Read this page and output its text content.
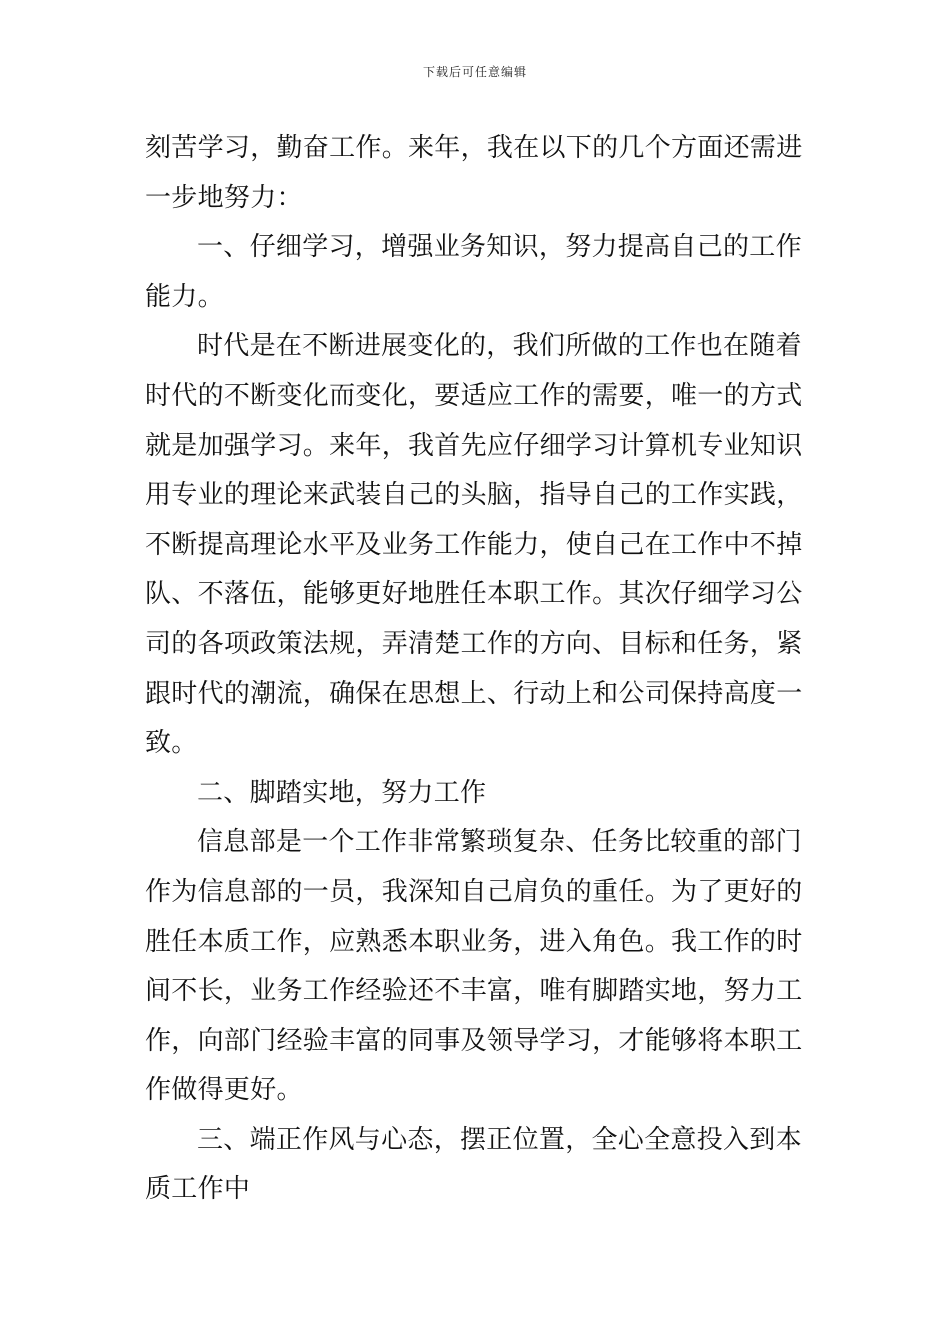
下载后可任意编辑
刻苦学习，勤奋工作。来年，我在以下的几个方面还需进
一步地努力：
一、仔细学习，增强业务知识，努力提高自己的工作
能力。
时代是在不断进展变化的，我们所做的工作也在随着
时代的不断变化而变化，要适应工作的需要，唯一的方式
就是加强学习。来年，我首先应仔细学习计算机专业知识
用专业的理论来武装自己的头脑，指导自己的工作实践，
不断提高理论水平及业务工作能力，使自己在工作中不掉
队、不落伍，能够更好地胜任本职工作。其次仔细学习公
司的各项政策法规，弄清楚工作的方向、目标和任务，紧
跟时代的潮流，确保在思想上、行动上和公司保持高度一
致。
二、脚踏实地，努力工作
信息部是一个工作非常繁琐复杂、任务比较重的部门
作为信息部的一员，我深知自己肩负的重任。为了更好的
胜任本质工作，应熟悉本职业务，进入角色。我工作的时
间不长，业务工作经验还不丰富，唯有脚踏实地，努力工
作，向部门经验丰富的同事及领导学习，才能够将本职工
作做得更好。
三、端正作风与心态，摆正位置，全心全意投入到本
质工作中
